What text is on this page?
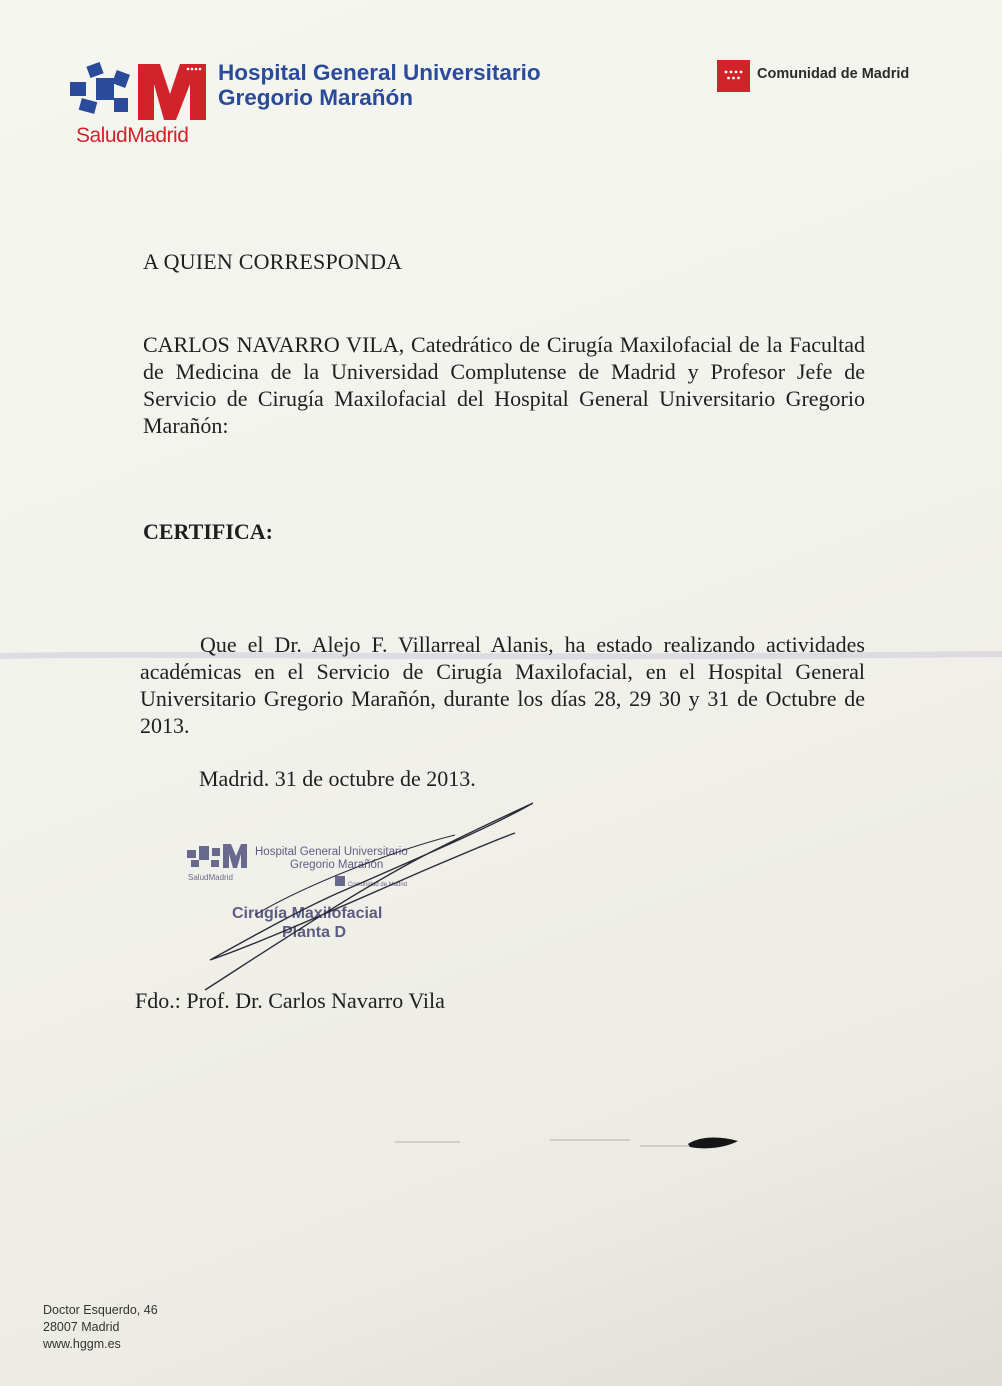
Hospital General Universitario
Gregorio Marañón
SaludMadrid
Comunidad de Madrid
A QUIEN CORRESPONDA

CARLOS NAVARRO VILA, Catedrático de Cirugía Maxilofacial de la Facultad de Medicina de la Universidad Complutense de Madrid y Profesor Jefe de Servicio de Cirugía Maxilofacial del Hospital General Universitario Gregorio Marañón:

CERTIFICA:
Que el Dr. Alejo F. Villarreal Alanis, ha estado realizando actividades académicas en el Servicio de Cirugía Maxilofacial, en el Hospital General Universitario Gregorio Marañón, durante los días 28, 29 30 y 31 de Octubre de 2013.
Madrid. 31 de octubre de 2013.
SaludMadrid
Comunidad de Madrid
Hospital General Universitario
Gregorio Marañón
Cirugía Maxilofacial
Planta D
Fdo.: Prof. Dr. Carlos Navarro Vila
Doctor Esquerdo, 46
28007 Madrid
www.hggm.es
